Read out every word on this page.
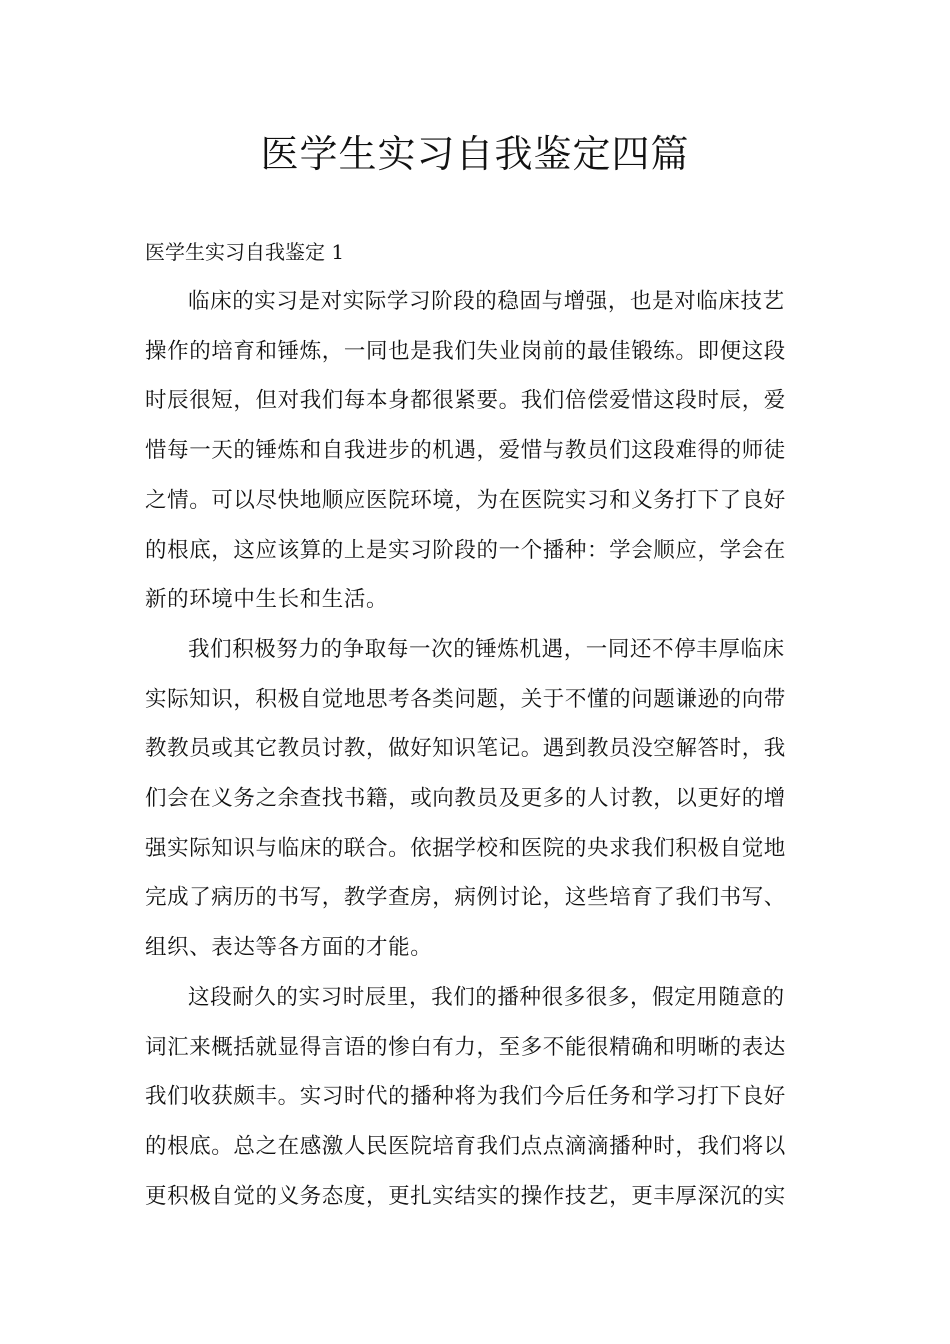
医学生实习自我鉴定四篇
医学生实习自我鉴定 1

临床的实习是对实际学习阶段的稳固与增强，也是对临床技艺
操作的培育和锤炼，一同也是我们失业岗前的最佳锻练。即便这段
时辰很短，但对我们每本身都很紧要。我们倍偿爱惜这段时辰，爱
惜每一天的锤炼和自我进步的机遇，爱惜与教员们这段难得的师徒
之情。可以尽快地顺应医院环境，为在医院实习和义务打下了良好
的根底，这应该算的上是实习阶段的一个播种：学会顺应，学会在
新的环境中生长和生活。

我们积极努力的争取每一次的锤炼机遇，一同还不停丰厚临床
实际知识，积极自觉地思考各类问题，关于不懂的问题谦逊的向带
教教员或其它教员讨教，做好知识笔记。遇到教员没空解答时，我
们会在义务之余查找书籍，或向教员及更多的人讨教，以更好的增
强实际知识与临床的联合。依据学校和医院的央求我们积极自觉地
完成了病历的书写，教学查房，病例讨论，这些培育了我们书写、
组织、表达等各方面的才能。

这段耐久的实习时辰里，我们的播种很多很多，假定用随意的
词汇来概括就显得言语的惨白有力，至多不能很精确和明晰的表达
我们收获颇丰。实习时代的播种将为我们今后任务和学习打下良好
的根底。总之在感激人民医院培育我们点点滴滴播种时，我们将以
更积极自觉的义务态度，更扎实结实的操作技艺，更丰厚深沉的实
